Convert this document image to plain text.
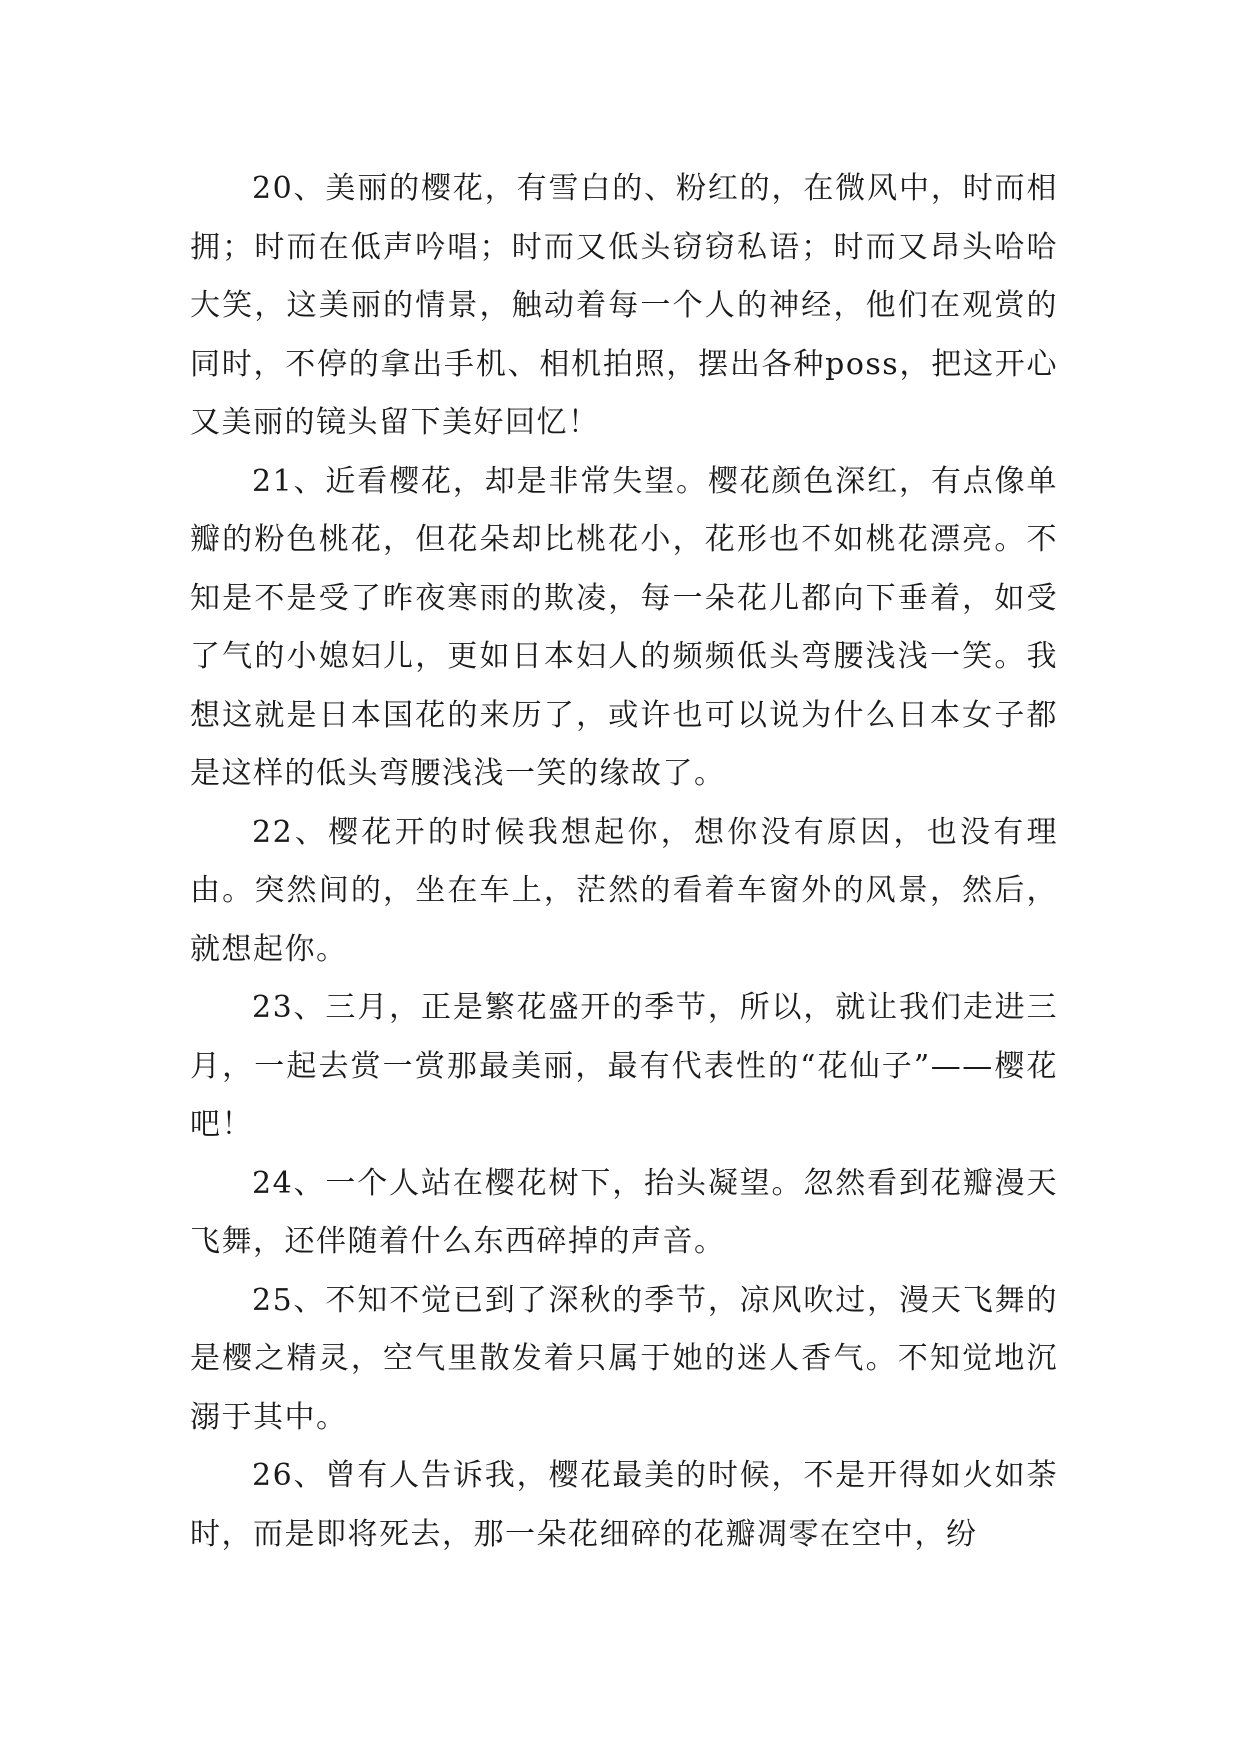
20、美丽的樱花，有雪白的、粉红的，在微风中，时而相拥；时而在低声吟唱；时而又低头窃窃私语；时而又昂头哈哈大笑，这美丽的情景，触动着每一个人的神经，他们在观赏的同时，不停的拿出手机、相机拍照，摆出各种poss，把这开心又美丽的镜头留下美好回忆！

21、近看樱花，却是非常失望。樱花颜色深红，有点像单瓣的粉色桃花，但花朵却比桃花小，花形也不如桃花漂亮。不知是不是受了昨夜寒雨的欺凌，每一朵花儿都向下垂着，如受了气的小媳妇儿，更如日本妇人的频频低头弯腰浅浅一笑。我想这就是日本国花的来历了，或许也可以说为什么日本女子都是这样的低头弯腰浅浅一笑的缘故了。

22、樱花开的时候我想起你，想你没有原因，也没有理由。突然间的，坐在车上，茫然的看着车窗外的风景，然后，就想起你。

23、三月，正是繁花盛开的季节，所以，就让我们走进三月，一起去赏一赏那最美丽，最有代表性的“花仙子”——樱花吧！

24、一个人站在樱花树下，抬头凝望。忽然看到花瓣漫天飞舞，还伴随着什么东西碎掉的声音。

25、不知不觉已到了深秋的季节，凉风吹过，漫天飞舞的是樱之精灵，空气里散发着只属于她的迷人香气。不知觉地沉溺于其中。

26、曾有人告诉我，樱花最美的时候，不是开得如火如荼时，而是即将死去，那一朵花细碎的花瓣凋零在空中，纷
